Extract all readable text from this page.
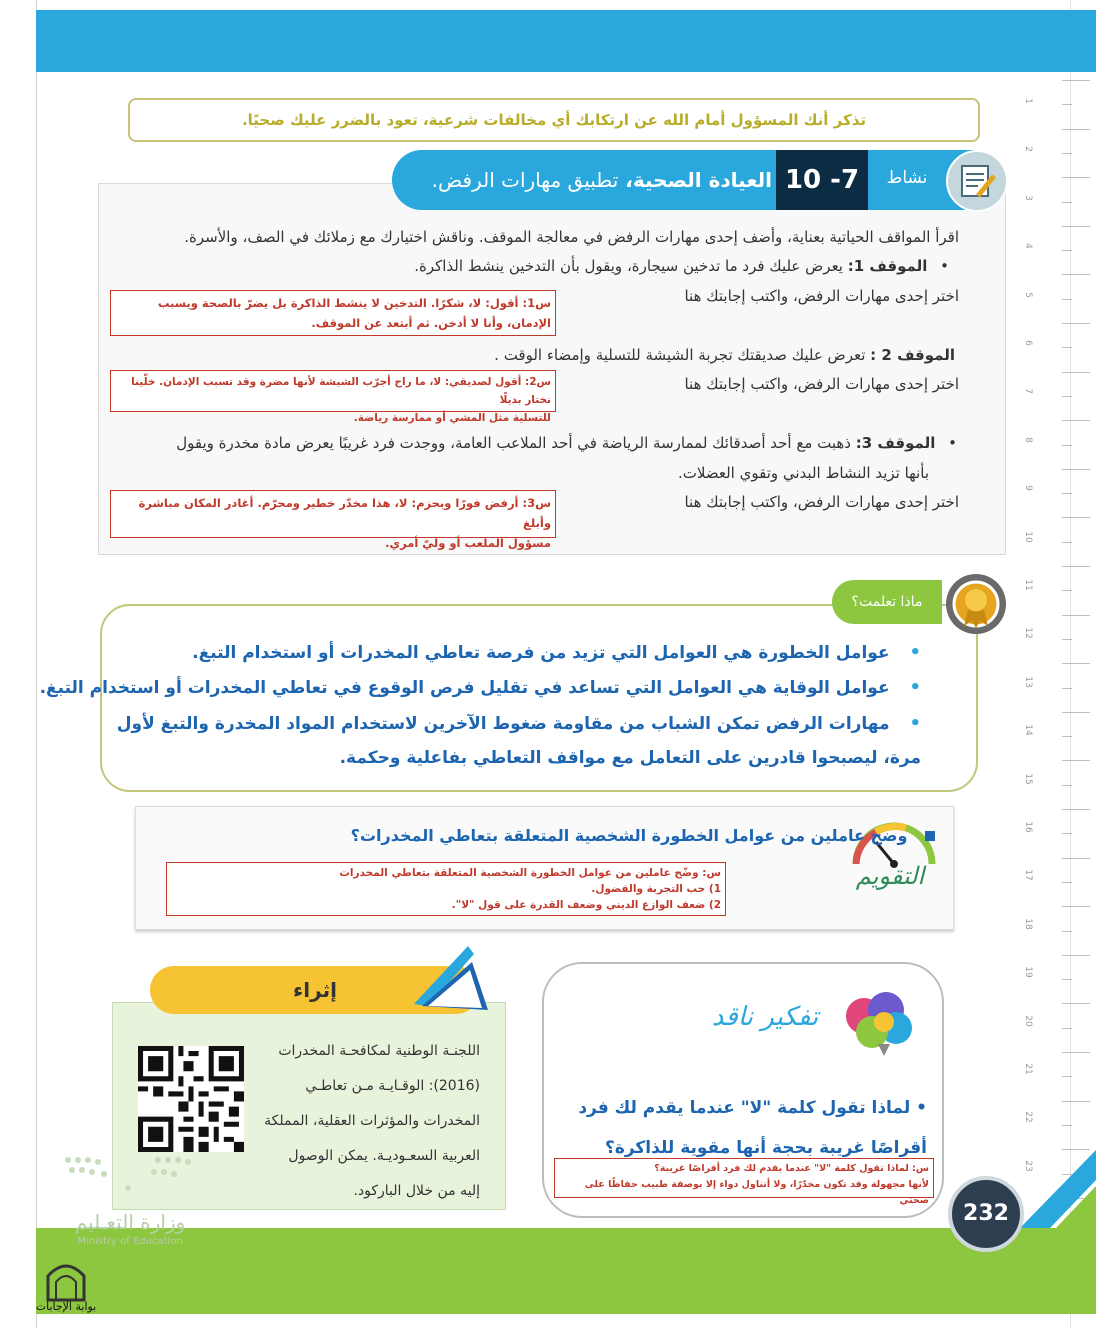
1
2
3
4
5
6
7
8
9
10
11
12
13
14
15
16
17
18
19
20
21
22
23
تذكر أنك المسؤول أمام الله عن ارتكابك أي مخالفات شرعية، تعود بالضرر عليك صحيًا.
نشاط
10 -7
العيادة الصحية، تطبيق مهارات الرفض.
اقرأ المواقف الحياتية بعناية، وأضف إحدى مهارات الرفض في معالجة الموقف. وناقش اختيارك مع زملائك في الصف، والأسرة.
• الموقف 1: يعرض عليك فرد ما تدخين سيجارة، ويقول بأن التدخين ينشط الذاكرة.
اختر إحدى مهارات الرفض، واكتب إجابتك هنا
س1: أقول: لا، شكرًا. التدخين لا ينشط الذاكرة بل يضرّ بالصحة ويسبب
الإدمان، وأنا لا أدخن. ثم أبتعد عن الموقف.
الموقف 2 : تعرض عليك صديقتك تجربة الشيشة للتسلية وإمضاء الوقت .
اختر إحدى مهارات الرفض، واكتب إجابتك هنا
س2: أقول لصديقي: لا، ما راح أجرّب الشيشة لأنها مضرة وقد تسبب الإدمان. خلّينا نختار بديلًا
للتسلية مثل المشي أو ممارسة رياضة.
• الموقف 3: ذهبت مع أحد أصدقائك لممارسة الرياضة في أحد الملاعب العامة، ووجدت فرد غريبًا يعرض مادة مخدرة ويقول
بأنها تزيد النشاط البدني وتقوي العضلات.
اختر إحدى مهارات الرفض، واكتب إجابتك هنا
س3: أرفض فورًا وبحزم: لا، هذا مخدّر خطير ومحرّم. أغادر المكان مباشرة وأبلغ
مسؤول الملعب أو وليّ أمري.
ماذا تعلمت؟
• عوامل الخطورة هي العوامل التي تزيد من فرصة تعاطي المخدرات أو استخدام التبغ.
• عوامل الوقاية هي العوامل التي تساعد في تقليل فرص الوقوع في تعاطي المخدرات أو استخدام التبغ.
• مهارات الرفض تمكن الشباب من مقاومة ضغوط الآخرين لاستخدام المواد المخدرة والتبغ لأول
مرة، ليصبحوا قادرين على التعامل مع مواقف التعاطي بفاعلية وحكمة.
التقويم
وضح عاملين من عوامل الخطورة الشخصية المتعلقة بتعاطي المخدرات؟
س: وضّح عاملين من عوامل الخطورة الشخصية المتعلقة بتعاطي المخدرات
1) حب التجربة والفضول.
2) ضعف الوازع الديني وضعف القدرة على قول "لا".
إثراء
اللجنـة الوطنية لمكافحـة المخدرات
(2016): الوقـايـة مـن تعاطـي
المخدرات والمؤثرات العقلية، المملكة
العربية السعـوديـة. يمكن الوصول
إليه من خلال الباركود.
تفكير ناقد
• لماذا تقول كلمة "لا" عندما يقدم لك فرد
أقراصًا غريبة بحجة أنها مقوية للذاكرة؟
س: لماذا تقول كلمة "لا" عندما يقدم لك فرد أقراصًا غريبة؟
لأنها مجهولة وقد تكون مخدّرًا، ولا أتناول دواء إلا بوصفة طبيب حفاظًا على صحتي
232
وزارة التعـليم
Ministry of Education
بوابة الإجابات
